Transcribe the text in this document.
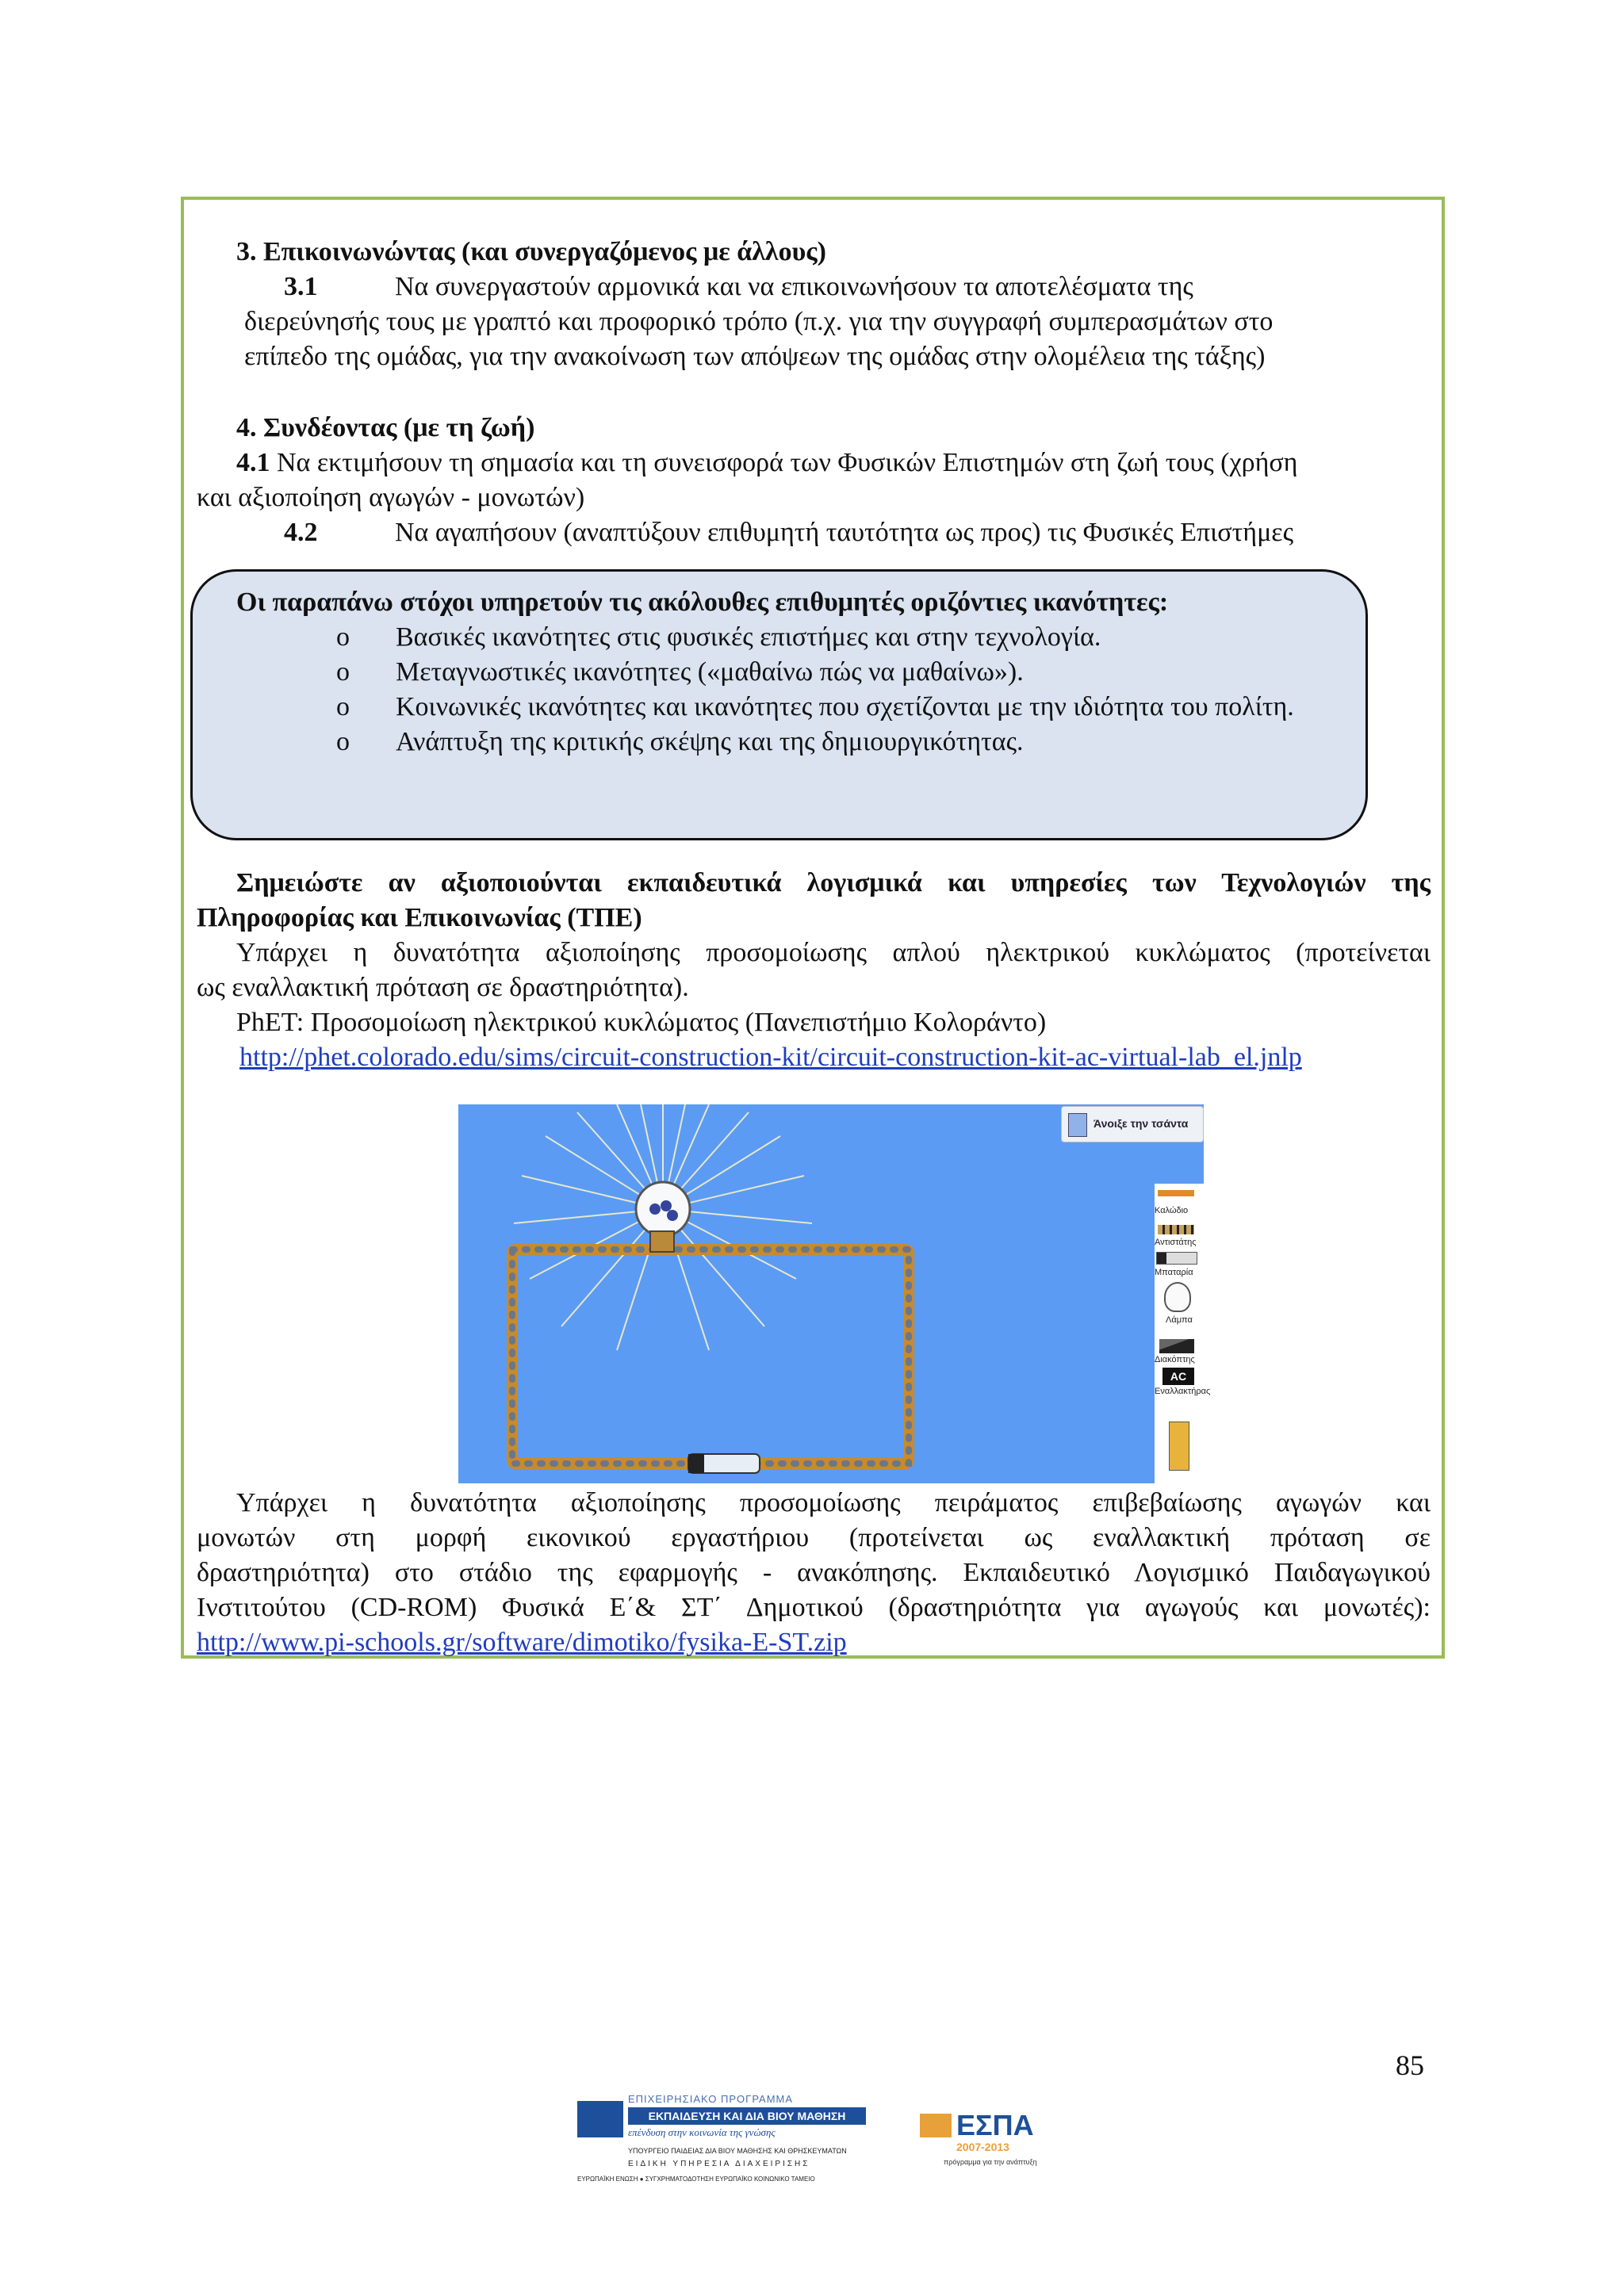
3. Επικοινωνώντας (και συνεργαζόμενος με άλλους)
3.1	Να συνεργαστούν αρμονικά και να επικοινωνήσουν τα αποτελέσματα της
διερεύνησής τους με γραπτό και προφορικό τρόπο (π.χ. για την συγγραφή συμπερασμάτων στο
επίπεδο της ομάδας, για την ανακοίνωση των απόψεων της ομάδας στην ολομέλεια της τάξης)
4. Συνδέοντας (με τη ζωή)
4.1 Να εκτιμήσουν τη σημασία και τη συνεισφορά των Φυσικών Επιστημών στη ζωή τους (χρήση
και αξιοποίηση αγωγών - μονωτών)
4.2	Να αγαπήσουν (αναπτύξουν επιθυμητή ταυτότητα ως προς) τις Φυσικές Επιστήμες
Οι παραπάνω στόχοι υπηρετούν τις ακόλουθες επιθυμητές οριζόντιες ικανότητες:
o Βασικές ικανότητες στις φυσικές επιστήμες και στην τεχνολογία.
o Μεταγνωστικές ικανότητες («μαθαίνω πώς να μαθαίνω»).
o Κοινωνικές ικανότητες και ικανότητες που σχετίζονται με την ιδιότητα του πολίτη.
o Ανάπτυξη της κριτικής σκέψης και της δημιουργικότητας.
Σημειώστε αν αξιοποιούνται εκπαιδευτικά λογισμικά και υπηρεσίες των Τεχνολογιών της
Πληροφορίας και Επικοινωνίας (ΤΠΕ)
Υπάρχει η δυνατότητα αξιοποίησης προσομοίωσης απλού ηλεκτρικού κυκλώματος (προτείνεται
ως εναλλακτική πρόταση σε δραστηριότητα).
PhET: Προσομοίωση ηλεκτρικού κυκλώματος (Πανεπιστήμιο Κολοράντο)
http://phet.colorado.edu/sims/circuit-construction-kit/circuit-construction-kit-ac-virtual-lab_el.jnlp
Άνοιξε την τσάντα
Καλώδιο
Αντιστάτης
Μπαταρία
Λάμπα
Διακόπτης
AC
Εναλλακτήρας
Υπάρχει η δυνατότητα αξιοποίησης προσομοίωσης πειράματος επιβεβαίωσης αγωγών και
μονωτών στη μορφή εικονικού εργαστήριου (προτείνεται ως εναλλακτική πρόταση σε
δραστηριότητα) στο στάδιο της εφαρμογής - ανακόπησης. Εκπαιδευτικό Λογισμικό Παιδαγωγικού
Ινστιτούτου (CD-ROM) Φυσικά Ε΄& ΣΤ΄ Δημοτικού (δραστηριότητα για αγωγούς και μονωτές):
http://www.pi-schools.gr/software/dimotiko/fysika-E-ST.zip
85
ΕΠΙΧΕΙΡΗΣΙΑΚΟ ΠΡΟΓΡΑΜΜΑ
ΕΚΠΑΙΔΕΥΣΗ ΚΑΙ ΔΙΑ ΒΙΟΥ ΜΑΘΗΣΗ
επένδυση στην κοινωνία της γνώσης
ΥΠΟΥΡΓΕΙΟ ΠΑΙΔΕΙΑΣ ΔΙΑ ΒΙΟΥ ΜΑΘΗΣΗΣ ΚΑΙ ΘΡΗΣΚΕΥΜΑΤΩΝ
ΕΙΔΙΚΗ ΥΠΗΡΕΣΙΑ ΔΙΑΧΕΙΡΙΣΗΣ
ΕΥΡΩΠΑΪΚΗ ΕΝΩΣΗ ● ΣΥΓΧΡΗΜΑΤΟΔΟΤΗΣΗ ΕΥΡΩΠΑΪΚΟ ΚΟΙΝΩΝΙΚΟ ΤΑΜΕΙΟ
ΕΣΠΑ
2007-2013
πρόγραμμα για την ανάπτυξη
